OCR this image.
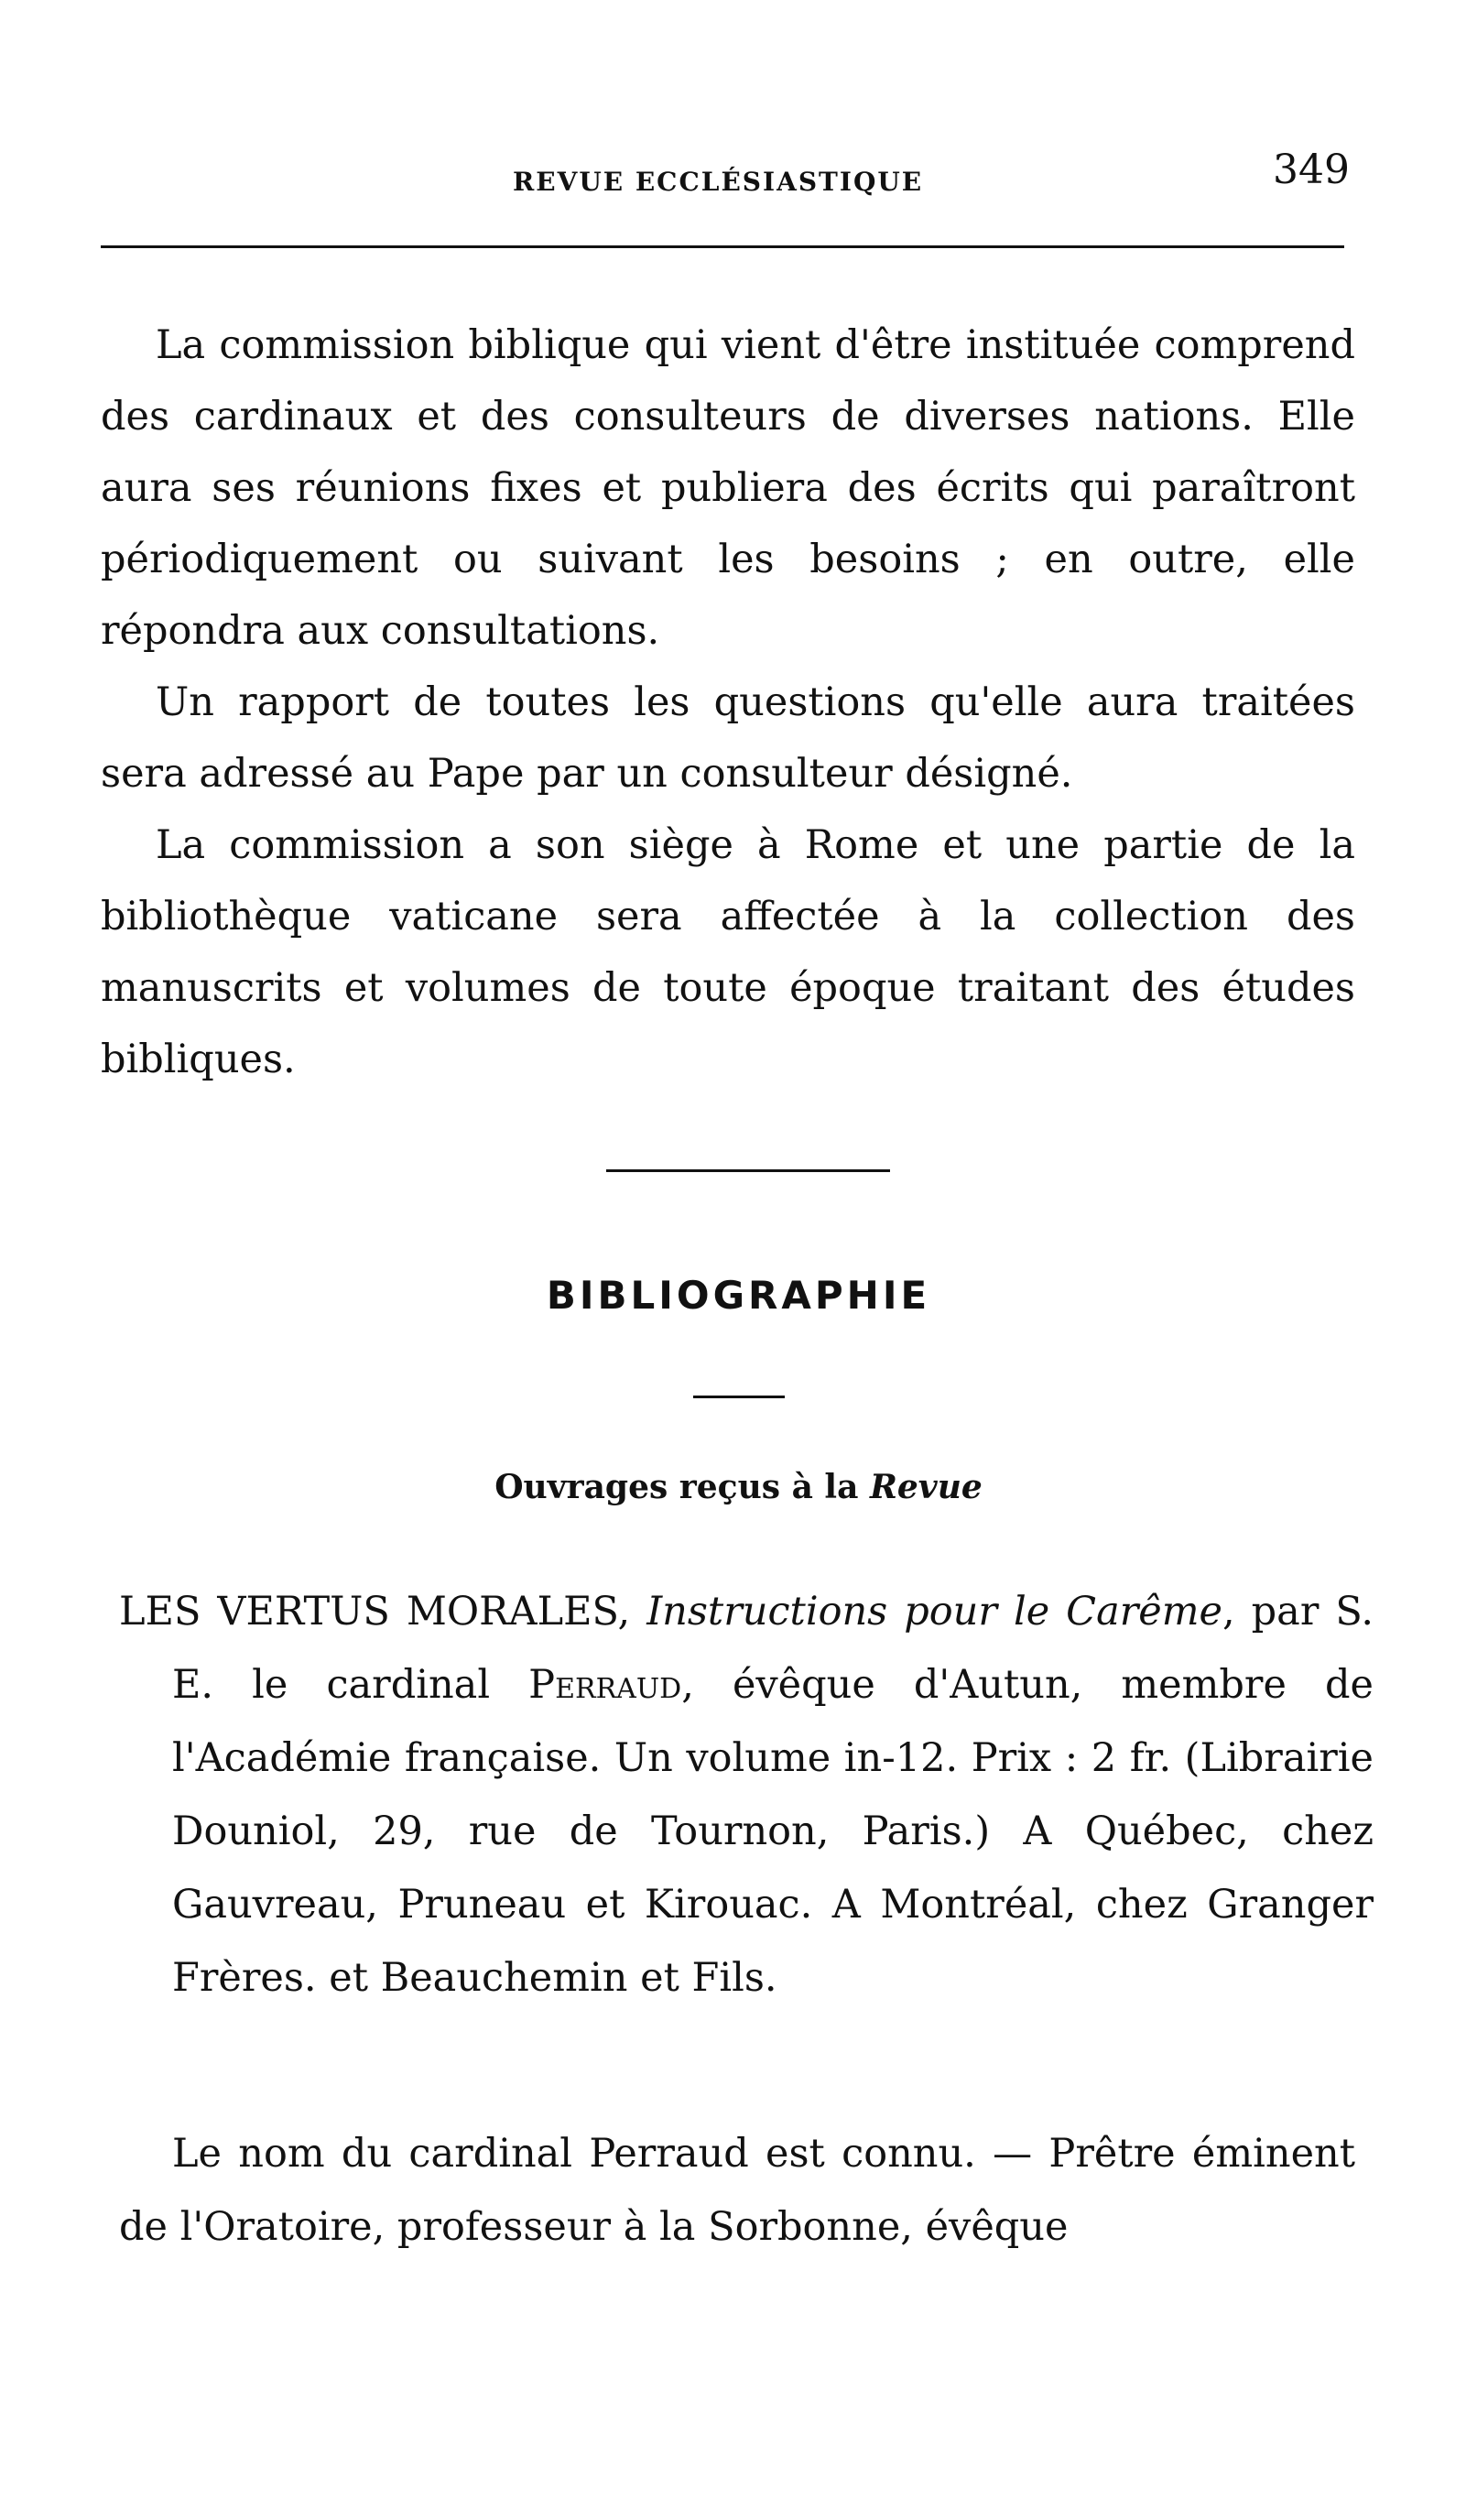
REVUE ECCLÉSIASTIQUE	349

La commission biblique qui vient d'être instituée comprend des cardinaux et des consulteurs de diverses nations. Elle aura ses réunions fixes et publiera des écrits qui paraîtront périodiquement ou suivant les besoins ; en outre, elle répondra aux consultations.

Un rapport de toutes les questions qu'elle aura traitées sera adressé au Pape par un consulteur désigné.

La commission a son siège à Rome et une partie de la bibliothèque vaticane sera affectée à la collection des manuscrits et volumes de toute époque traitant des études bibliques.

BIBLIOGRAPHIE
Ouvrages reçus à la Revue
LES VERTUS MORALES, Instructions pour le Carême, par S. E. le cardinal Perraud, évêque d'Autun, membre de l'Académie française. Un volume in-12. Prix : 2 fr. (Librairie Douniol, 29, rue de Tournon, Paris.) A Québec, chez Gauvreau, Pruneau et Kirouac. A Montréal, chez Granger Frères. et Beauchemin et Fils.

Le nom du cardinal Perraud est connu. — Prêtre éminent de l'Oratoire, professeur à la Sorbonne, évêque
